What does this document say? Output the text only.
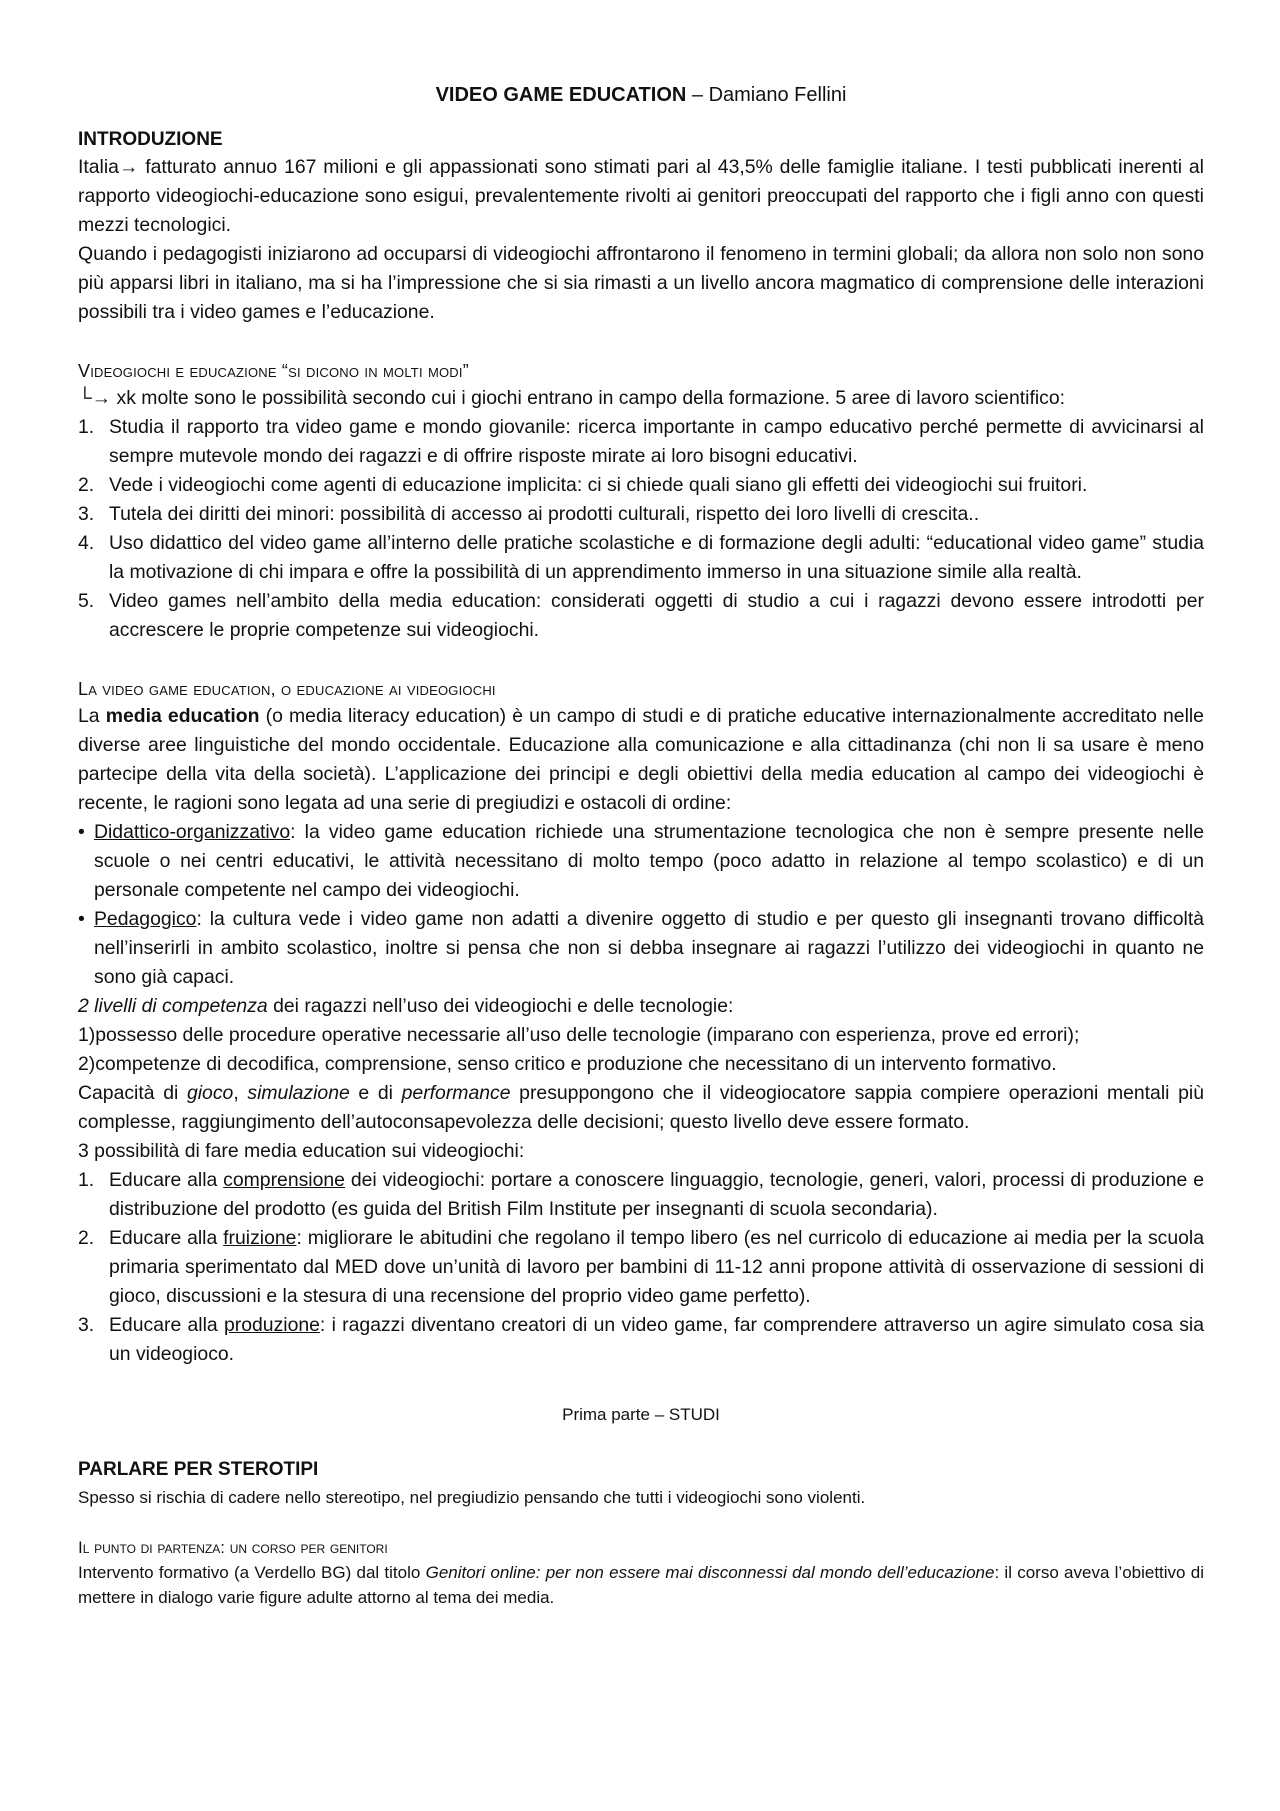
VIDEO GAME EDUCATION – Damiano Fellini
INTRODUZIONE

Italia→ fatturato annuo 167 milioni e gli appassionati sono stimati pari al 43,5% delle famiglie italiane. I testi pubblicati inerenti al rapporto videogiochi-educazione sono esigui, prevalentemente rivolti ai genitori preoccupati del rapporto che i figli anno con questi mezzi tecnologici.

Quando i pedagogisti iniziarono ad occuparsi di videogiochi affrontarono il fenomeno in termini globali; da allora non solo non sono più apparsi libri in italiano, ma si ha l’impressione che si sia rimasti a un livello ancora magmatico di comprensione delle interazioni possibili tra i video games e l’educazione.

Videogiochi e educazione “si dicono in molti modi”

└→ xk molte sono le possibilità secondo cui i giochi entrano in campo della formazione. 5 aree di lavoro scientifico:

1. Studia il rapporto tra video game e mondo giovanile: ricerca importante in campo educativo perché permette di avvicinarsi al sempre mutevole mondo dei ragazzi e di offrire risposte mirate ai loro bisogni educativi.
2. Vede i videogiochi come agenti di educazione implicita: ci si chiede quali siano gli effetti dei videogiochi sui fruitori.
3. Tutela dei diritti dei minori: possibilità di accesso ai prodotti culturali, rispetto dei loro livelli di crescita..
4. Uso didattico del video game all’interno delle pratiche scolastiche e di formazione degli adulti: “educational video game” studia la motivazione di chi impara e offre la possibilità di un apprendimento immerso in una situazione simile alla realtà.
5. Video games nell’ambito della media education: considerati oggetti di studio a cui i ragazzi devono essere introdotti per accrescere le proprie competenze sui videogiochi.
La video game education, o educazione ai videogiochi

La media education (o media literacy education) è un campo di studi e di pratiche educative internazionalmente accreditato nelle diverse aree linguistiche del mondo occidentale. Educazione alla comunicazione e alla cittadinanza (chi non li sa usare è meno partecipe della vita della società). L’applicazione dei principi e degli obiettivi della media education al campo dei videogiochi è recente, le ragioni sono legata ad una serie di pregiudizi e ostacoli di ordine:

• Didattico-organizzativo: la video game education richiede una strumentazione tecnologica che non è sempre presente nelle scuole o nei centri educativi, le attività necessitano di molto tempo (poco adatto in relazione al tempo scolastico) e di un personale competente nel campo dei videogiochi.
• Pedagogico: la cultura vede i video game non adatti a divenire oggetto di studio e per questo gli insegnanti trovano difficoltà nell’inserirli in ambito scolastico, inoltre si pensa che non si debba insegnare ai ragazzi l’utilizzo dei videogiochi in quanto ne sono già capaci.

2 livelli di competenza dei ragazzi nell’uso dei videogiochi e delle tecnologie:

1)possesso delle procedure operative necessarie all’uso delle tecnologie (imparano con esperienza, prove ed errori);

2)competenze di decodifica, comprensione, senso critico e produzione che necessitano di un intervento formativo.

Capacità di gioco, simulazione e di performance presuppongono che il videogiocatore sappia compiere operazioni mentali più complesse, raggiungimento dell’autoconsapevolezza delle decisioni; questo livello deve essere formato.

3 possibilità di fare media education sui videogiochi:

1. Educare alla comprensione dei videogiochi: portare a conoscere linguaggio, tecnologie, generi, valori, processi di produzione e distribuzione del prodotto (es guida del British Film Institute per insegnanti di scuola secondaria).
2. Educare alla fruizione: migliorare le abitudini che regolano il tempo libero (es nel curricolo di educazione ai media per la scuola primaria sperimentato dal MED dove un’unità di lavoro per bambini di 11-12 anni propone attività di osservazione di sessioni di gioco, discussioni e la stesura di una recensione del proprio video game perfetto).
3. Educare alla produzione: i ragazzi diventano creatori di un video game, far comprendere attraverso un agire simulato cosa sia un videogioco.
Prima parte – STUDI
PARLARE PER STEROTIPI

Spesso si rischia di cadere nello stereotipo, nel pregiudizio pensando che tutti i videogiochi sono violenti.

Il punto di partenza: un corso per genitori

Intervento formativo (a Verdello BG) dal titolo Genitori online: per non essere mai disconnessi dal mondo dell’educazione: il corso aveva l’obiettivo di mettere in dialogo varie figure adulte attorno al tema dei media.
